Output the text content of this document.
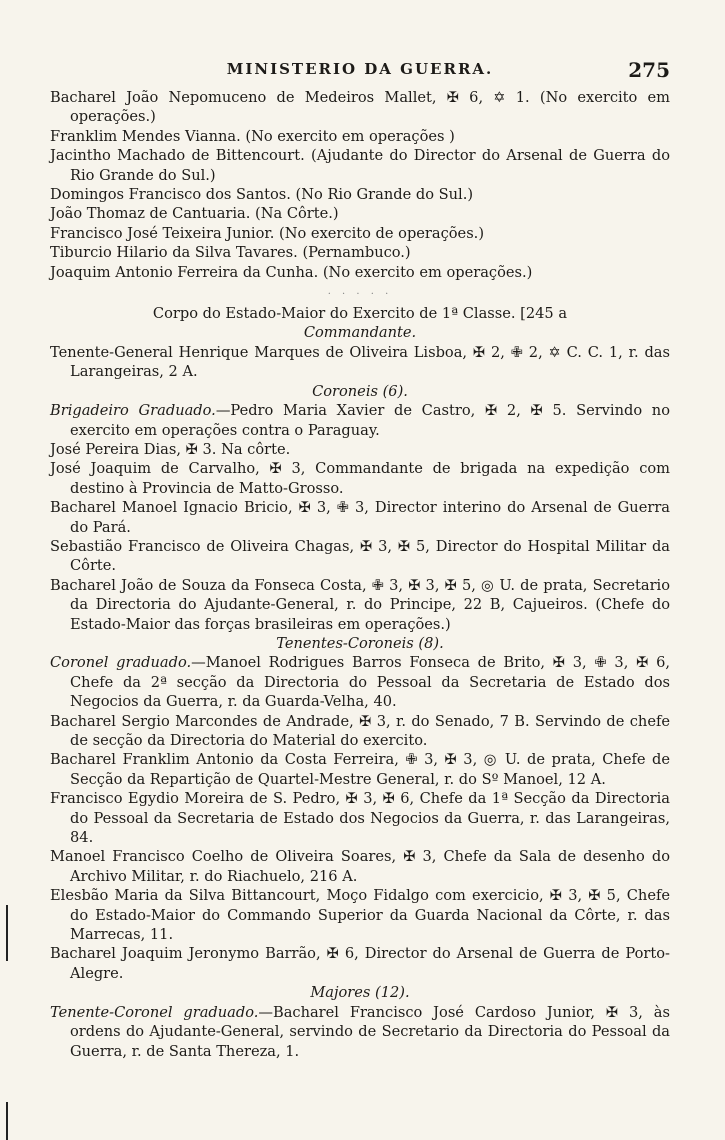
MINISTERIO DA GUERRA.	275

Bacharel João Nepomuceno de Medeiros Mallet, ✠ 6, ✡ 1. (No exercito em operações.)

Franklim Mendes Vianna. (No exercito em operações )

Jacintho Machado de Bittencourt. (Ajudante do Director do Arsenal de Guerra do Rio Grande do Sul.)

Domingos Francisco dos Santos. (No Rio Grande do Sul.)

João Thomaz de Cantuaria. (Na Côrte.)

Francisco José Teixeira Junior. (No exercito de operações.)

Tiburcio Hilario da Silva Tavares. (Pernambuco.)

Joaquim Antonio Ferreira da Cunha. (No exercito em operações.)

· · · · ·

Corpo do Estado-Maior do Exercito de 1ª Classe. [245 a

Commandante.

Tenente-General Henrique Marques de Oliveira Lisboa, ✠ 2, ✙ 2, ✡ C. C. 1, r. das Larangeiras, 2 A.

Coroneis (6).

Brigadeiro Graduado.—Pedro Maria Xavier de Castro, ✠ 2, ✠ 5. Servindo no exercito em operações contra o Paraguay.

José Pereira Dias, ✠ 3. Na côrte.

José Joaquim de Carvalho, ✠ 3, Commandante de brigada na expedição com destino à Provincia de Matto-Grosso.

Bacharel Manoel Ignacio Bricio, ✠ 3, ✙ 3, Director interino do Arsenal de Guerra do Pará.

Sebastião Francisco de Oliveira Chagas, ✠ 3, ✠ 5, Director do Hospital Militar da Côrte.

Bacharel João de Souza da Fonseca Costa, ✙ 3, ✠ 3, ✠ 5, ◎ U. de prata, Secretario da Directoria do Ajudante-General, r. do Principe, 22 B, Cajueiros. (Chefe do Estado-Maior das forças brasileiras em operações.)

Tenentes-Coroneis (8).

Coronel graduado.—Manoel Rodrigues Barros Fonseca de Brito, ✠ 3, ✙ 3, ✠ 6, Chefe da 2ª secção da Directoria do Pessoal da Secretaria de Estado dos Negocios da Guerra, r. da Guarda-Velha, 40.

Bacharel Sergio Marcondes de Andrade, ✠ 3, r. do Senado, 7 B. Servindo de chefe de secção da Directoria do Material do exercito.

Bacharel Franklim Antonio da Costa Ferreira, ✙ 3, ✠ 3, ◎ U. de prata, Chefe de Secção da Repartição de Quartel-Mestre General, r. do Sº Manoel, 12 A.

Francisco Egydio Moreira de S. Pedro, ✠ 3, ✠ 6, Chefe da 1ª Secção da Directoria do Pessoal da Secretaria de Estado dos Negocios da Guerra, r. das Larangeiras, 84.

Manoel Francisco Coelho de Oliveira Soares, ✠ 3, Chefe da Sala de desenho do Archivo Militar, r. do Riachuelo, 216 A.

Elesbão Maria da Silva Bittancourt, Moço Fidalgo com exercicio, ✠ 3, ✠ 5, Chefe do Estado-Maior do Commando Superior da Guarda Nacional da Côrte, r. das Marrecas, 11.

Bacharel Joaquim Jeronymo Barrão, ✠ 6, Director do Arsenal de Guerra de Porto-Alegre.

Majores (12).

Tenente-Coronel graduado.—Bacharel Francisco José Cardoso Junior, ✠ 3, às ordens do Ajudante-General, servindo de Secretario da Directoria do Pessoal da Guerra, r. de Santa Thereza, 1.
